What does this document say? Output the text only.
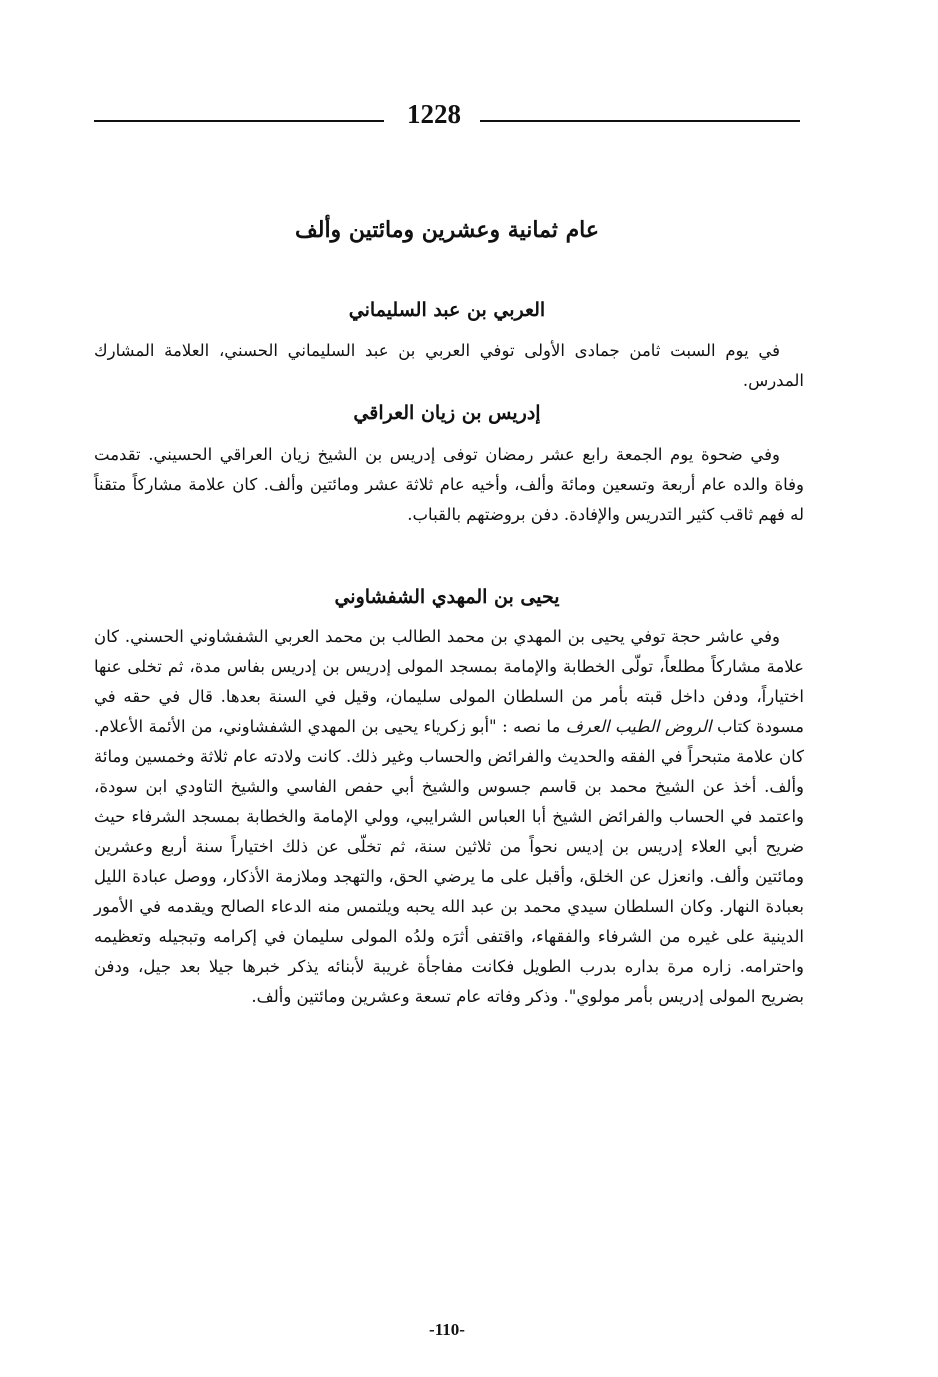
1228
عام ثمانية وعشرين ومائتين وألف
العربي بن عبد السليماني

في يوم السبت ثامن جمادى الأولى توفي العربي بن عبد السليماني الحسني، العلامة المشارك المدرس.

إدريس بن زيان العراقي

وفي ضحوة يوم الجمعة رابع عشر رمضان توفى إدريس بن الشيخ زيان العراقي الحسيني. تقدمت وفاة والده عام أربعة وتسعين ومائة وألف، وأخيه عام ثلاثة عشر ومائتين وألف. كان علامة مشاركاً متقناً له فهم ثاقب كثير التدريس والإفادة. دفن بروضتهم بالقباب.

يحيى بن المهدي الشفشاوني

وفي عاشر حجة توفي يحيى بن المهدي بن محمد الطالب بن محمد العربي الشفشاوني الحسني. كان علامة مشاركاً مطلعاً، تولّى الخطابة والإمامة بمسجد المولى إدريس بن إدريس بفاس مدة، ثم تخلى عنها اختياراً، ودفن داخل قبته بأمر من السلطان المولى سليمان، وقيل في السنة بعدها. قال في حقه في مسودة كتاب الروض الطيب العرف ما نصه : "أبو زكرياء يحيى بن المهدي الشفشاوني، من الأئمة الأعلام. كان علامة متبحراً في الفقه والحديث والفرائض والحساب وغير ذلك. كانت ولادته عام ثلاثة وخمسين ومائة وألف. أخذ عن الشيخ محمد بن قاسم جسوس والشيخ أبي حفص الفاسي والشيخ التاودي ابن سودة، واعتمد في الحساب والفرائض الشيخ أبا العباس الشرايبي، وولي الإمامة والخطابة بمسجد الشرفاء حيث ضريح أبي العلاء إدريس بن إديس نحواً من ثلاثين سنة، ثم تخلّى عن ذلك اختياراً سنة أربع وعشرين ومائتين وألف. وانعزل عن الخلق، وأقبل على ما يرضي الحق، والتهجد وملازمة الأذكار، ووصل عبادة الليل بعبادة النهار. وكان السلطان سيدي محمد بن عبد الله يحبه ويلتمس منه الدعاء الصالح ويقدمه في الأمور الدينية على غيره من الشرفاء والفقهاء، واقتفى أثرَه ولدُه المولى سليمان في إكرامه وتبجيله وتعظيمه واحترامه. زاره مرة بداره بدرب الطويل فكانت مفاجأة غريبة لأبنائه يذكر خبرها جيلا بعد جيل، ودفن بضريح المولى إدريس بأمر مولوي". وذكر وفاته عام تسعة وعشرين ومائتين وألف.

-110-
